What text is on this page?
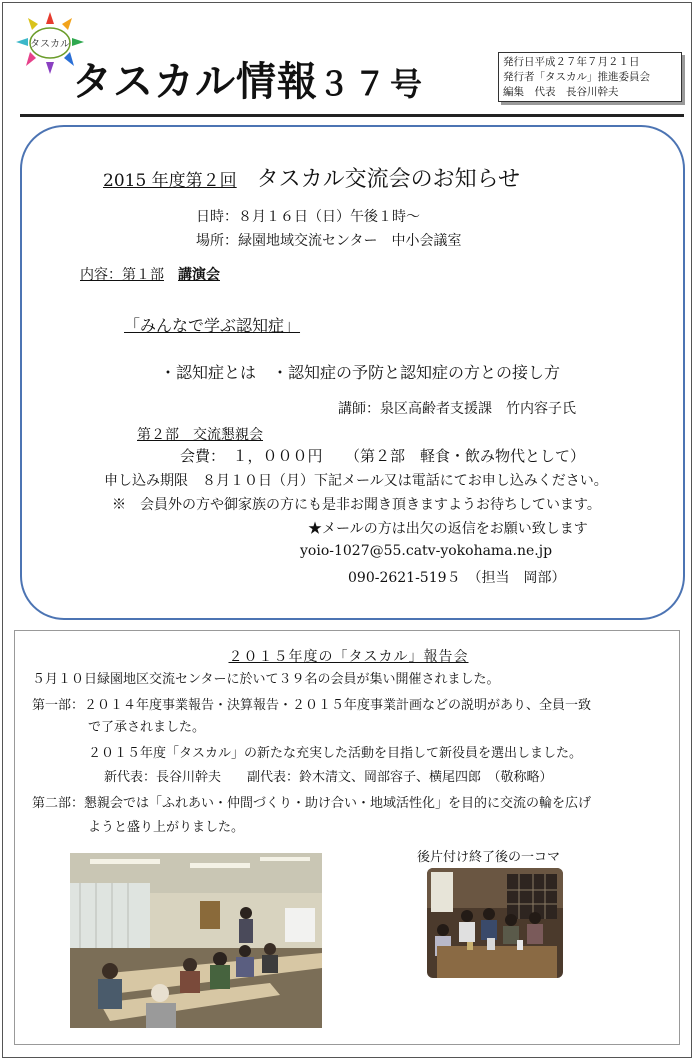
タスカル
タスカル情報３７号
発行日平成２７年７月２１日
発行者「タスカル」推進委員会
編集　代表　長谷川幹夫
2015 年度第２回 タスカル交流会のお知らせ
日時：８月１６日（日）午後１時～
場所：緑園地域交流センター　中小会議室
内容：第１部　 講演会
「みんなで学ぶ認知症」
・認知症とは　・認知症の予防と認知症の方との接し方
講師：泉区高齢者支援課　竹内容子氏
第２部　交流懇親会
会費：　１，０００円　　（第２部　軽食・飲み物代として）
申し込み期限　８月１０日（月）下記メール又は電話にてお申し込みください。
※　会員外の方や御家族の方にも是非お聞き頂きますようお待ちしています。
★メールの方は出欠の返信をお願い致します
yoio-1027@55.catv-yokohama.ne.jp
090-2621-519５　（担当　岡部）
２０１５年度の「タスカル」報告会
５月１０日緑園地区交流センターに於いて３９名の会員が集い開催されました。
第一部：２０１４年度事業報告・決算報告・２０１５年度事業計画などの説明があり、全員一致
で了承されました。
２０１５年度「タスカル」の新たな充実した活動を目指して新役員を選出しました。
新代表：長谷川幹夫　　副代表：鈴木清文、岡部容子、横尾四郎　（敬称略）
第二部：懇親会では「ふれあい・仲間づくり・助け合い・地域活性化」を目的に交流の輪を広げ
ようと盛り上がりました。
後片付け終了後の一コマ
